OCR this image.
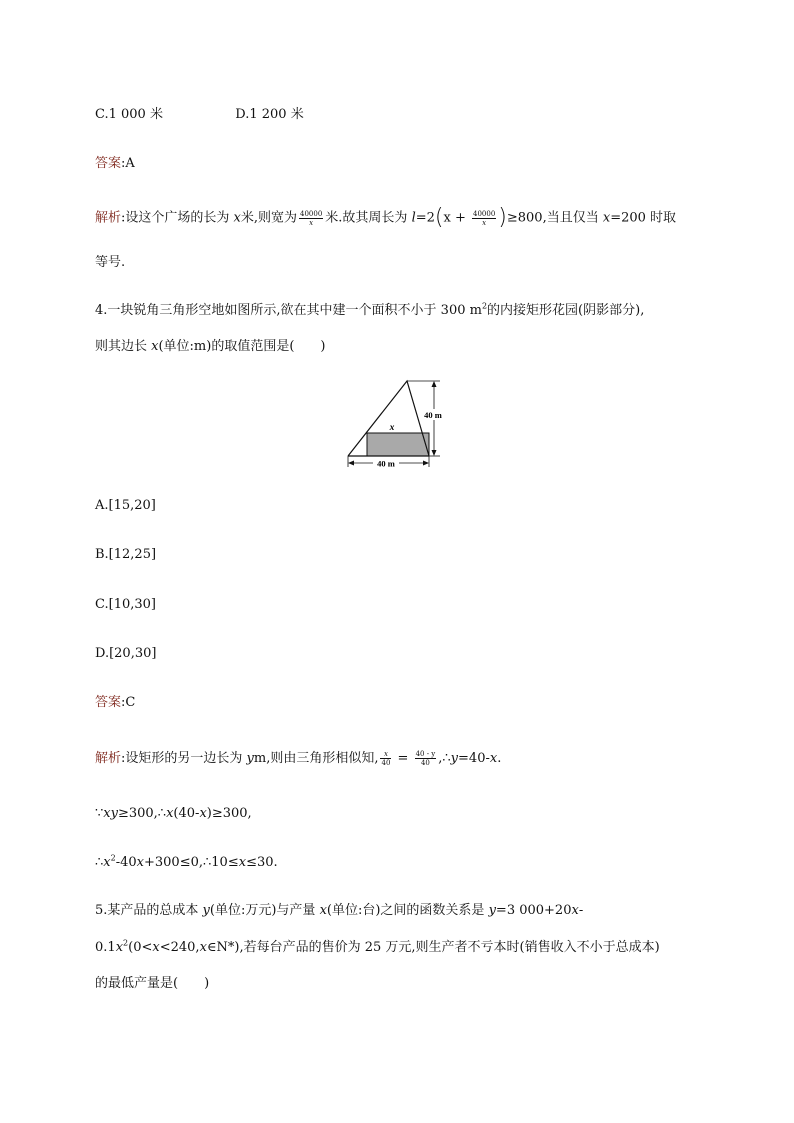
C.1 000 米	D.1 200 米
答案:A
解析:设这个广场的长为 x米,则宽为 $\frac{40000}{x}$ 米.故其周长为 $l=2(x + \frac{40000}{x} )\ge 800$,当且仅当 x=200 时取
等号.
4.一块锐角三角形空地如图所示,欲在其中建一个面积不小于 300 $m^2$的内接矩形花园(阴影部分),
则其边长 x(单位:m)的取值范围是(　　)
40 m
40 m
x
A.[15,20]
B.[12,25]
C.[10,30]
D.[20,30]
答案:C
解析:设矩形的另一边长为 ym,则由三角形相似知, $\frac{x}{40} = \frac{40 - y}{40}$ ,∴y=40-x.
∵xy≥300,∴x(40-x)≥300,
$\therefore x^2-40x+300\le 0,\therefore 10\le x\le 30$.
5.某产品的总成本 y(单位:万元)与产量 x(单位:台)之间的函数关系是 y=3 000+20x-
$0.1x^2(0<x<240,x\in N*)$,若每台产品的售价为 25 万元,则生产者不亏本时(销售收入不小于总成本)
的最低产量是(　　)
